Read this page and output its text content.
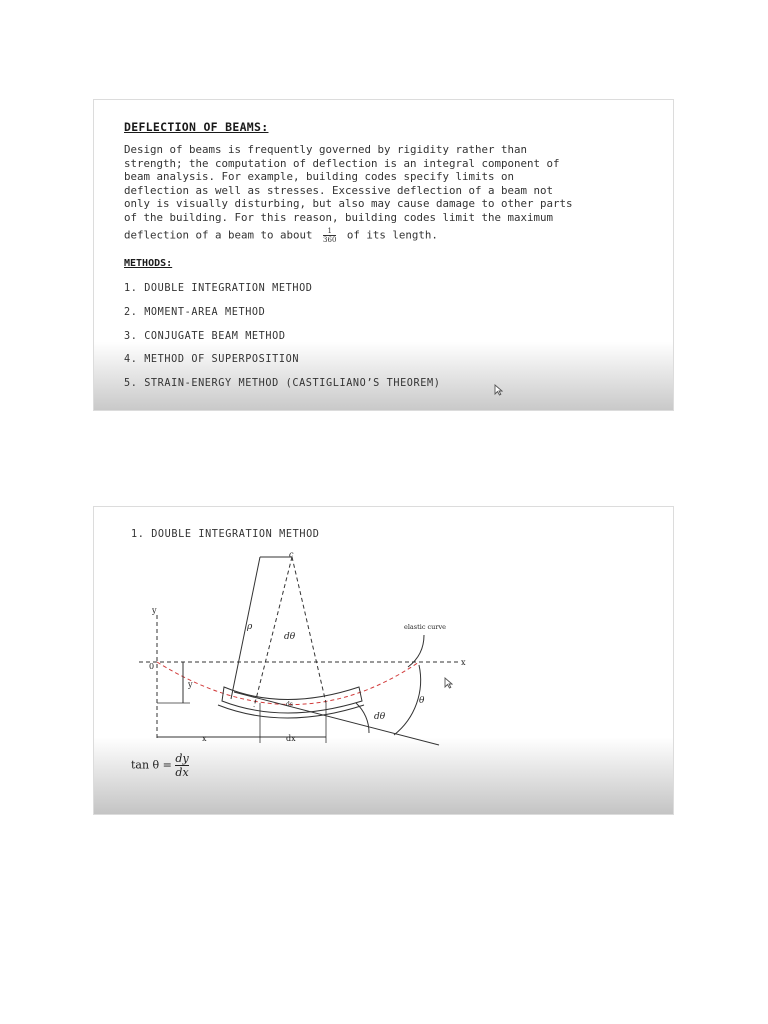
DEFLECTION OF BEAMS:
Design of beams is frequently governed by rigidity rather than
strength; the computation of deflection is an integral component of
beam analysis. For example, building codes specify limits on
deflection as well as stresses. Excessive deflection of a beam not
only is visually disturbing, but also may cause damage to other parts
of the building. For this reason, building codes limit the maximum
deflection of a beam to about $\frac{1}{360}$ of its length.
METHODS:
1. DOUBLE INTEGRATION METHOD
2. MOMENT-AREA METHOD
3. CONJUGATE BEAM METHOD
4. METHOD OF SUPERPOSITION
5. STRAIN-ENERGY METHOD (CASTIGLIANO’S THEOREM)
1. DOUBLE INTEGRATION METHOD
c
y
x
0
ρ
dθ
elastic curve
y
ds	θ
dθ
x	dx
$\tan \theta = \frac{dy}{dx}$
